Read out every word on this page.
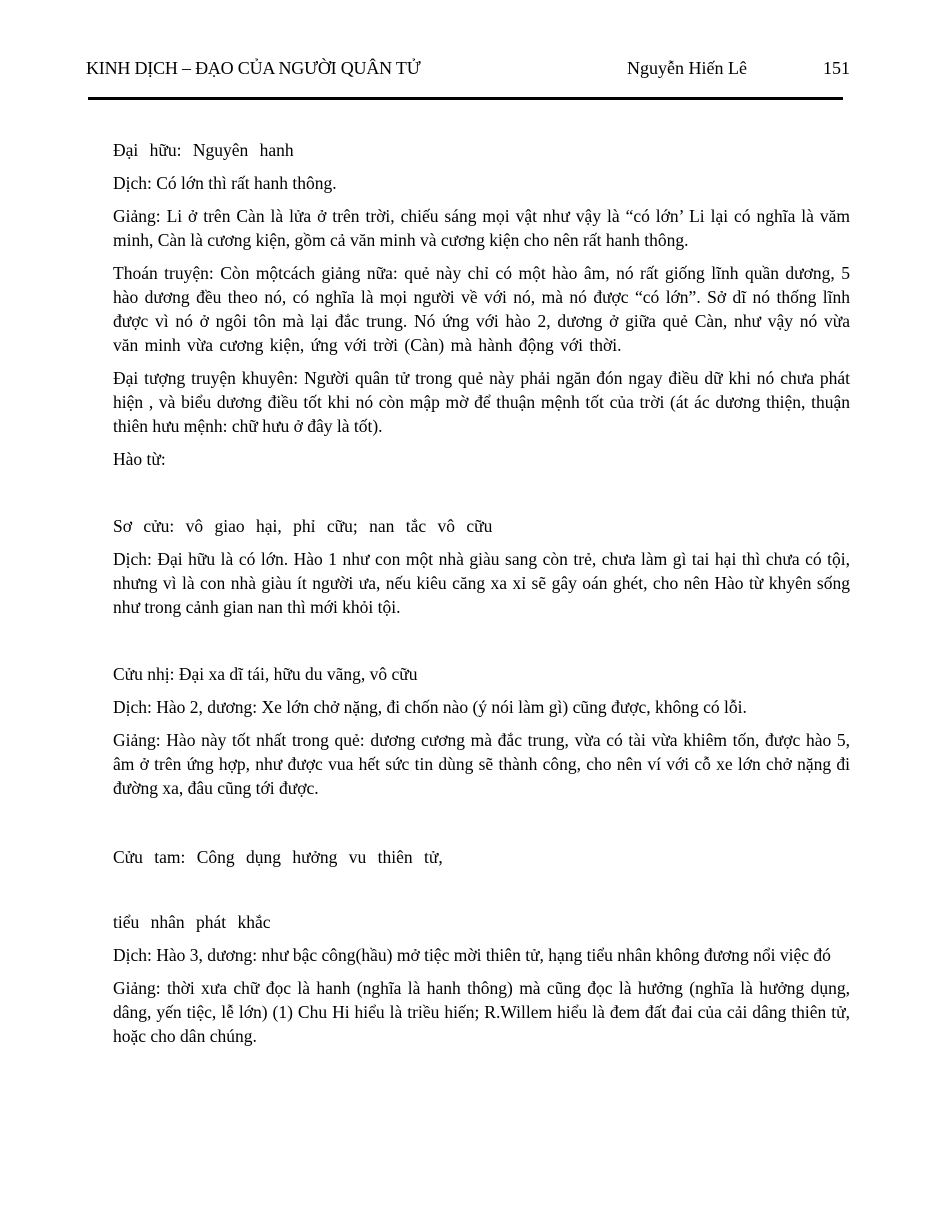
KINH DỊCH – ĐẠO CỦA NGƯỜI QUÂN TỬ	Nguyễn Hiến Lê	151

Đại hữu: Nguyên hanh

Dịch: Có lớn thì rất hanh thông.

Giảng: Li ở trên Càn là lửa ở trên trời, chiếu sáng mọi vật như vậy là “có lớn’ Li lại có nghĩa là văm minh, Càn là cương kiện, gồm cả văn minh và cương kiện cho nên rất hanh thông.

Thoán truyện: Còn mộtcách giảng nữa: quẻ này chỉ có một hào âm, nó rất giống lĩnh quần dương, 5 hào dương đều theo nó, có nghĩa là mọi người về với nó, mà nó được “có lớn”. Sở dĩ nó thống lĩnh được vì nó ở ngôi tôn mà lại đắc trung. Nó ứng với hào 2, dương ở giữa quẻ Càn, như vậy nó vừa văn minh vừa cương kiện, ứng với trời (Càn) mà hành động với thời.

Đại tượng truyện khuyên: Người quân tử trong quẻ này phải ngăn đón ngay điều dữ khi nó chưa phát hiện , và biểu dương điều tốt khi nó còn mập mờ để thuận mệnh tốt của trời (át ác dương thiện, thuận thiên hưu mệnh: chữ hưu ở đây là tốt).

Hào từ:

Sơ cửu: vô giao hại, phỉ cữu; nan tắc vô cữu

Dịch: Đại hữu là có lớn. Hào 1 như con một nhà giàu sang còn trẻ, chưa làm gì tai hại thì chưa có tội, nhưng vì là con nhà giàu ít người ưa, nếu kiêu căng xa xỉ sẽ gây oán ghét, cho nên Hào từ khyên sống như trong cảnh gian nan thì mới khỏi tội.

Cửu nhị: Đại xa dĩ tái, hữu du vãng, vô cữu

Dịch: Hào 2, dương: Xe lớn chở nặng, đi chốn nào (ý nói làm gì) cũng được, không có lỗi.

Giảng: Hào này tốt nhất trong quẻ: dương cương mà đắc trung, vừa có tài vừa khiêm tốn, được hào 5, âm ở trên ứng hợp, như được vua hết sức tin dùng sẽ thành công, cho nên ví với cỗ xe lớn chở nặng đi đường xa, đâu cũng tới được.

Cửu tam: Công dụng hưởng vu thiên tử,

tiểu nhân phát khắc

Dịch: Hào 3, dương: như bậc công(hầu) mở tiệc mời thiên tử, hạng tiểu nhân không đương nổi việc đó

Giảng: thời xưa chữ đọc là hanh (nghĩa là hanh thông) mà cũng đọc là hưởng (nghĩa là hưởng dụng, dâng, yến tiệc, lễ lớn) (1) Chu Hi hiểu là triều hiến; R.Willem hiểu là đem đất đai của cải dâng thiên tử, hoặc cho dân chúng.
